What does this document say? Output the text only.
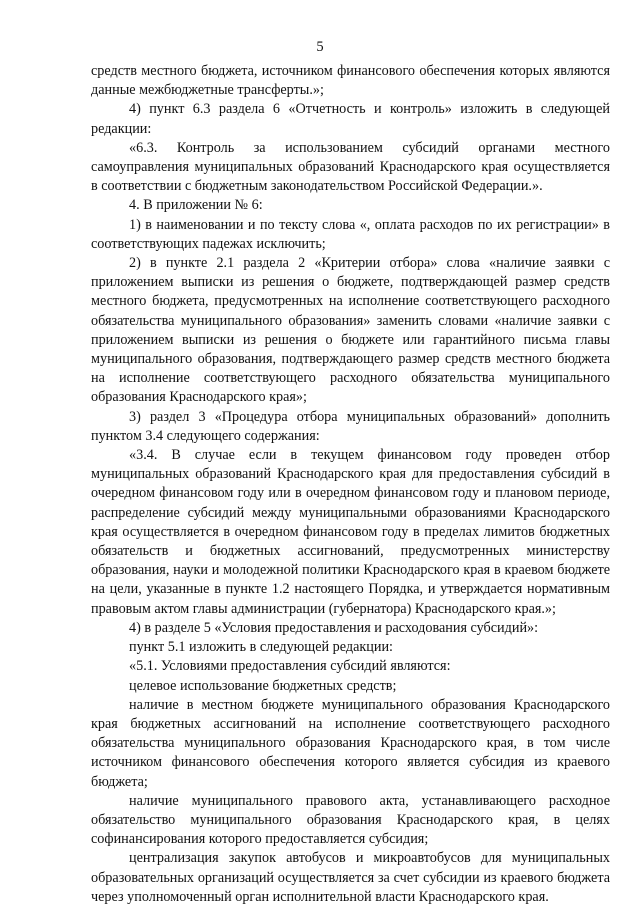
5

средств местного бюджета, источником финансового обеспечения которых являются данные межбюджетные трансферты.»;

4) пункт 6.3 раздела 6 «Отчетность и контроль» изложить в следующей редакции:

«6.3. Контроль за использованием субсидий органами местного самоуправления муниципальных образований Краснодарского края осуществляется в соответствии с бюджетным законодательством Российской Федерации.».

4. В приложении № 6:

1) в наименовании и по тексту слова «, оплата расходов по их регистрации» в соответствующих падежах исключить;

2) в пункте 2.1 раздела 2 «Критерии отбора» слова «наличие заявки с приложением выписки из решения о бюджете, подтверждающей размер средств местного бюджета, предусмотренных на исполнение соответствующего расходного обязательства муниципального образования» заменить словами «наличие заявки с приложением выписки из решения о бюджете или гарантийного письма главы муниципального образования, подтверждающего размер средств местного бюджета на исполнение соответствующего расходного обязательства муниципального образования Краснодарского края»;

3) раздел 3 «Процедура отбора муниципальных образований» дополнить пунктом 3.4 следующего содержания:

«3.4. В случае если в текущем финансовом году проведен отбор муниципальных образований Краснодарского края для предоставления субсидий в очередном финансовом году или в очередном финансовом году и плановом периоде, распределение субсидий между муниципальными образованиями Краснодарского края осуществляется в очередном финансовом году в пределах лимитов бюджетных обязательств и бюджетных ассигнований, предусмотренных министерству образования, науки и молодежной политики Краснодарского края в краевом бюджете на цели, указанные в пункте 1.2 настоящего Порядка, и утверждается нормативным правовым актом главы администрации (губернатора) Краснодарского края.»;

4) в разделе 5 «Условия предоставления и расходования субсидий»:

пункт 5.1 изложить в следующей редакции:

«5.1. Условиями предоставления субсидий являются:

целевое использование бюджетных средств;

наличие в местном бюджете муниципального образования Краснодарского края бюджетных ассигнований на исполнение соответствующего расходного обязательства муниципального образования Краснодарского края, в том числе источником финансового обеспечения которого является субсидия из краевого бюджета;

наличие муниципального правового акта, устанавливающего расходное обязательство муниципального образования Краснодарского края, в целях софинансирования которого предоставляется субсидия;

централизация закупок автобусов и микроавтобусов для муниципальных образовательных организаций осуществляется за счет субсидии из краевого бюджета через уполномоченный орган исполнительной власти Краснодарского края.
